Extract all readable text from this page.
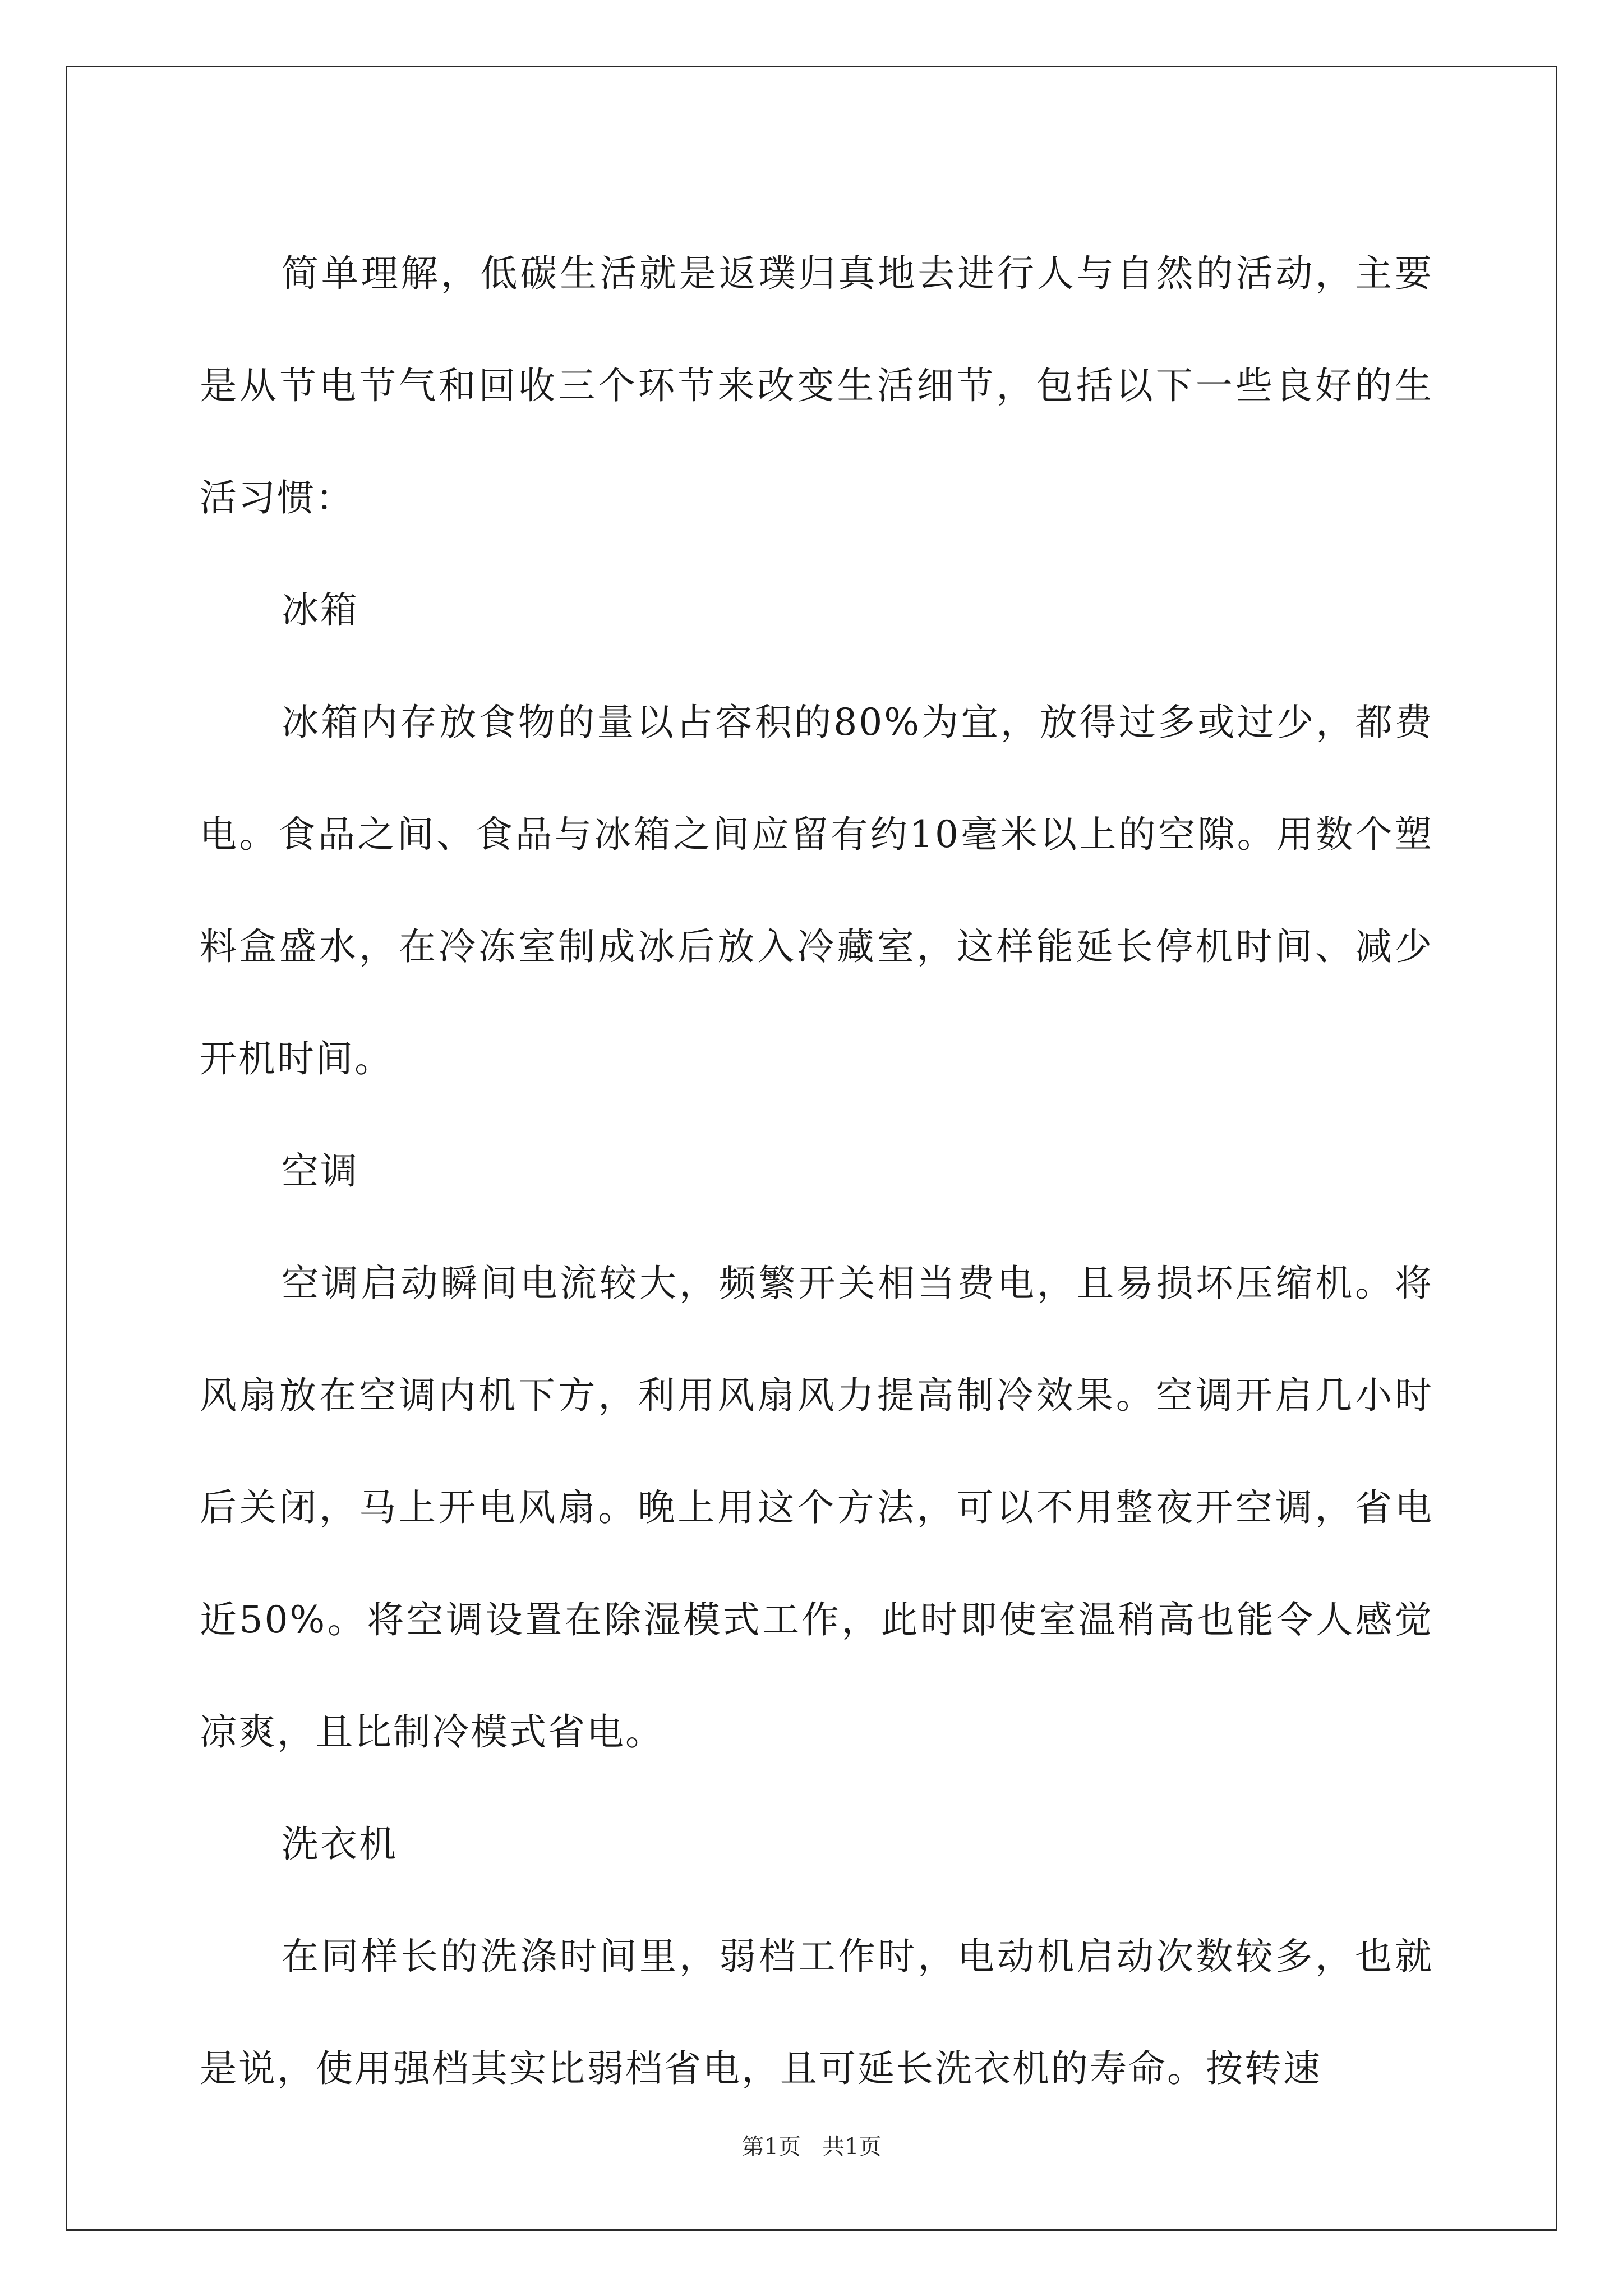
简单理解，低碳生活就是返璞归真地去进行人与自然的活动，主要是从节电节气和回收三个环节来改变生活细节，包括以下一些良好的生活习惯：

冰箱

冰箱内存放食物的量以占容积的80%为宜，放得过多或过少，都费电。食品之间、食品与冰箱之间应留有约10毫米以上的空隙。用数个塑料盒盛水，在冷冻室制成冰后放入冷藏室，这样能延长停机时间、减少开机时间。

空调

空调启动瞬间电流较大，频繁开关相当费电，且易损坏压缩机。将风扇放在空调内机下方，利用风扇风力提高制冷效果。空调开启几小时后关闭，马上开电风扇。晚上用这个方法，可以不用整夜开空调，省电近50%。将空调设置在除湿模式工作，此时即使室温稍高也能令人感觉凉爽，且比制冷模式省电。

洗衣机

在同样长的洗涤时间里，弱档工作时，电动机启动次数较多，也就是说，使用强档其实比弱档省电，且可延长洗衣机的寿命。按转速

第1页   共1页
